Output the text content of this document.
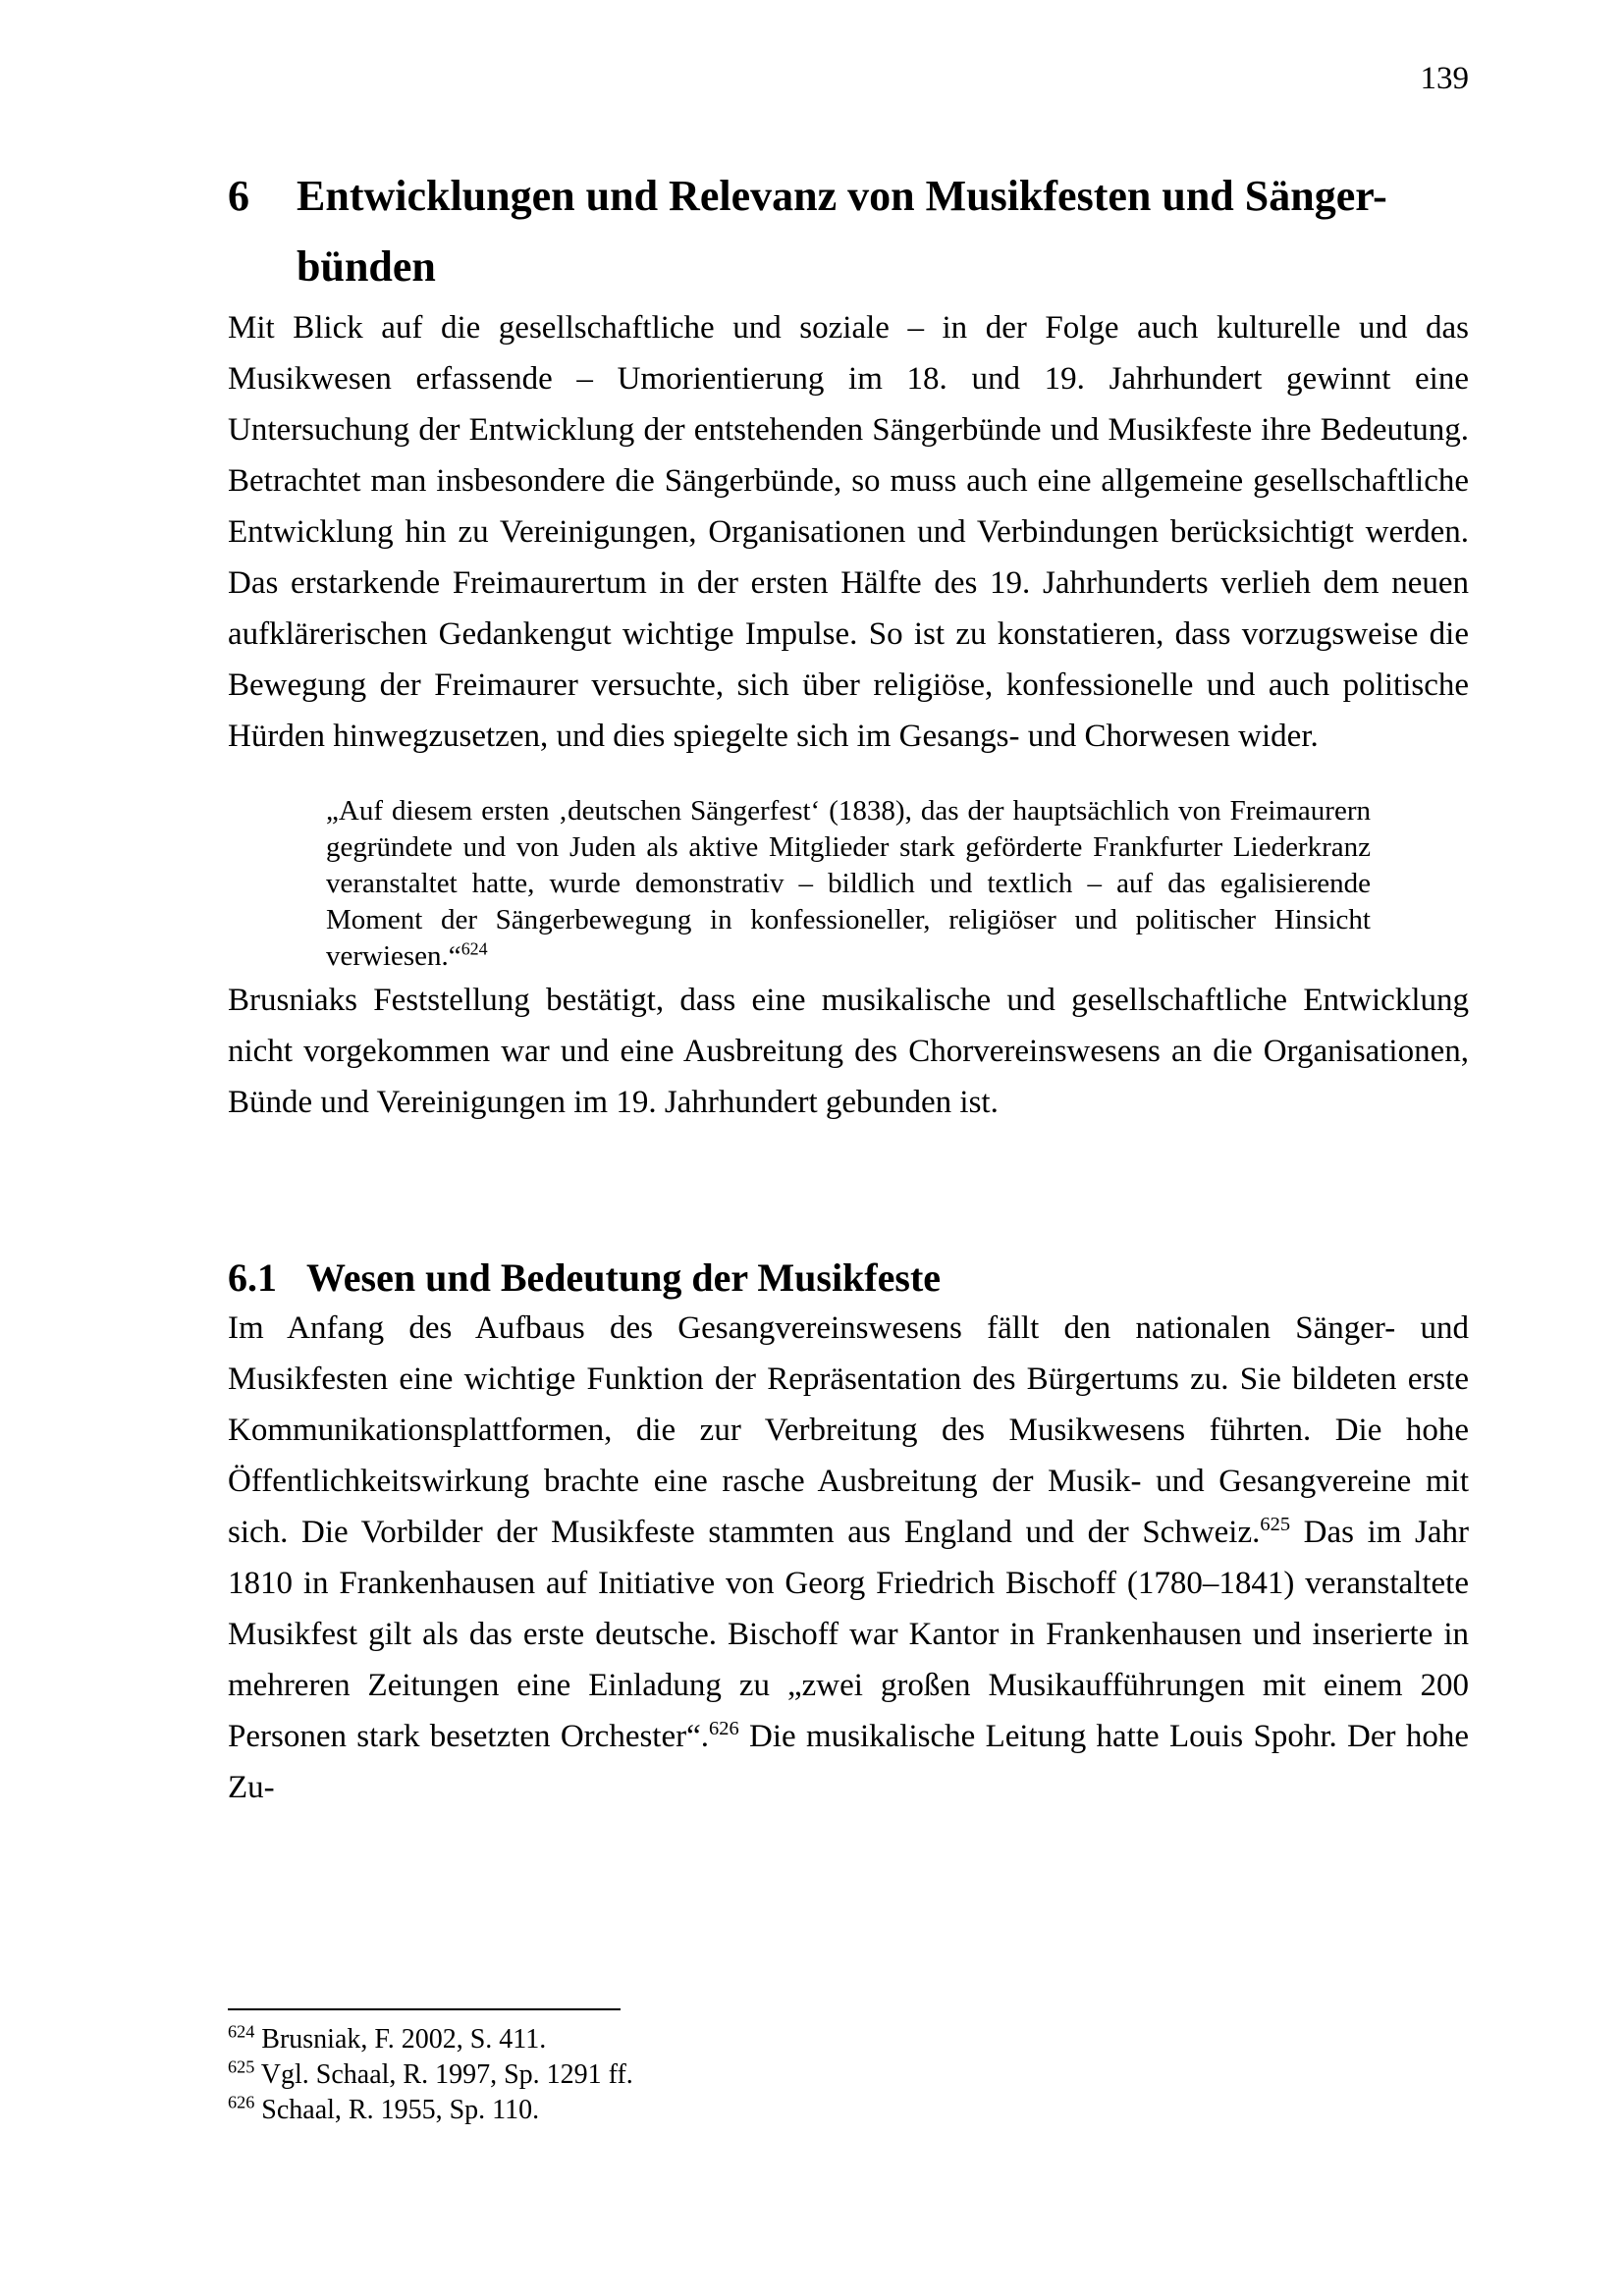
139
6	Entwicklungen und Relevanz von Musikfesten und Sänger-
bünden

Mit Blick auf die gesellschaftliche und soziale – in der Folge auch kulturelle und das Musikwesen erfassende – Umorientierung im 18. und 19. Jahrhundert gewinnt eine Untersuchung der Entwicklung der entstehenden Sängerbünde und Musikfeste ihre Bedeutung. Betrachtet man insbesondere die Sängerbünde, so muss auch eine allgemeine gesellschaftliche Entwicklung hin zu Vereinigungen, Organisationen und Verbindungen berücksichtigt werden. Das erstarkende Freimaurertum in der ersten Hälfte des 19. Jahrhunderts verlieh dem neuen aufklärerischen Gedankengut wichtige Impulse. So ist zu konstatieren, dass vorzugsweise die Bewegung der Freimaurer versuchte, sich über religiöse, konfessionelle und auch politische Hürden hinwegzusetzen, und dies spiegelte sich im Gesangs- und Chorwesen wider.

„Auf diesem ersten ‚deutschen Sängerfest‘ (1838), das der hauptsächlich von Freimaurern gegründete und von Juden als aktive Mitglieder stark geförderte Frankfurter Liederkranz veranstaltet hatte, wurde demonstrativ – bildlich und textlich – auf das egalisierende Moment der Sängerbewegung in konfessioneller, religiöser und politischer Hinsicht verwiesen.“$^{624}$

Brusniaks Feststellung bestätigt, dass eine musikalische und gesellschaftliche Entwicklung nicht vorgekommen war und eine Ausbreitung des Chorvereinswesens an die Organisationen, Bünde und Vereinigungen im 19. Jahrhundert gebunden ist.

6.1 Wesen und Bedeutung der Musikfeste

Im Anfang des Aufbaus des Gesangvereinswesens fällt den nationalen Sänger- und Musikfesten eine wichtige Funktion der Repräsentation des Bürgertums zu. Sie bildeten erste Kommunikationsplattformen, die zur Verbreitung des Musikwesens führten. Die hohe Öffentlichkeitswirkung brachte eine rasche Ausbreitung der Musik- und Gesangvereine mit sich. Die Vorbilder der Musikfeste stammten aus England und der Schweiz.$^{625}$ Das im Jahr 1810 in Frankenhausen auf Initiative von Georg Friedrich Bischoff (1780–1841) veranstaltete Musikfest gilt als das erste deutsche. Bischoff war Kantor in Frankenhausen und inserierte in mehreren Zeitungen eine Einladung zu „zwei großen Musikaufführungen mit einem 200 Personen stark besetzten Orchester“.$^{626}$ Die musikalische Leitung hatte Louis Spohr. Der hohe Zu-

$^{624}$ Brusniak, F. 2002, S. 411.
$^{625}$ Vgl. Schaal, R. 1997, Sp. 1291 ff.
$^{626}$ Schaal, R. 1955, Sp. 110.
